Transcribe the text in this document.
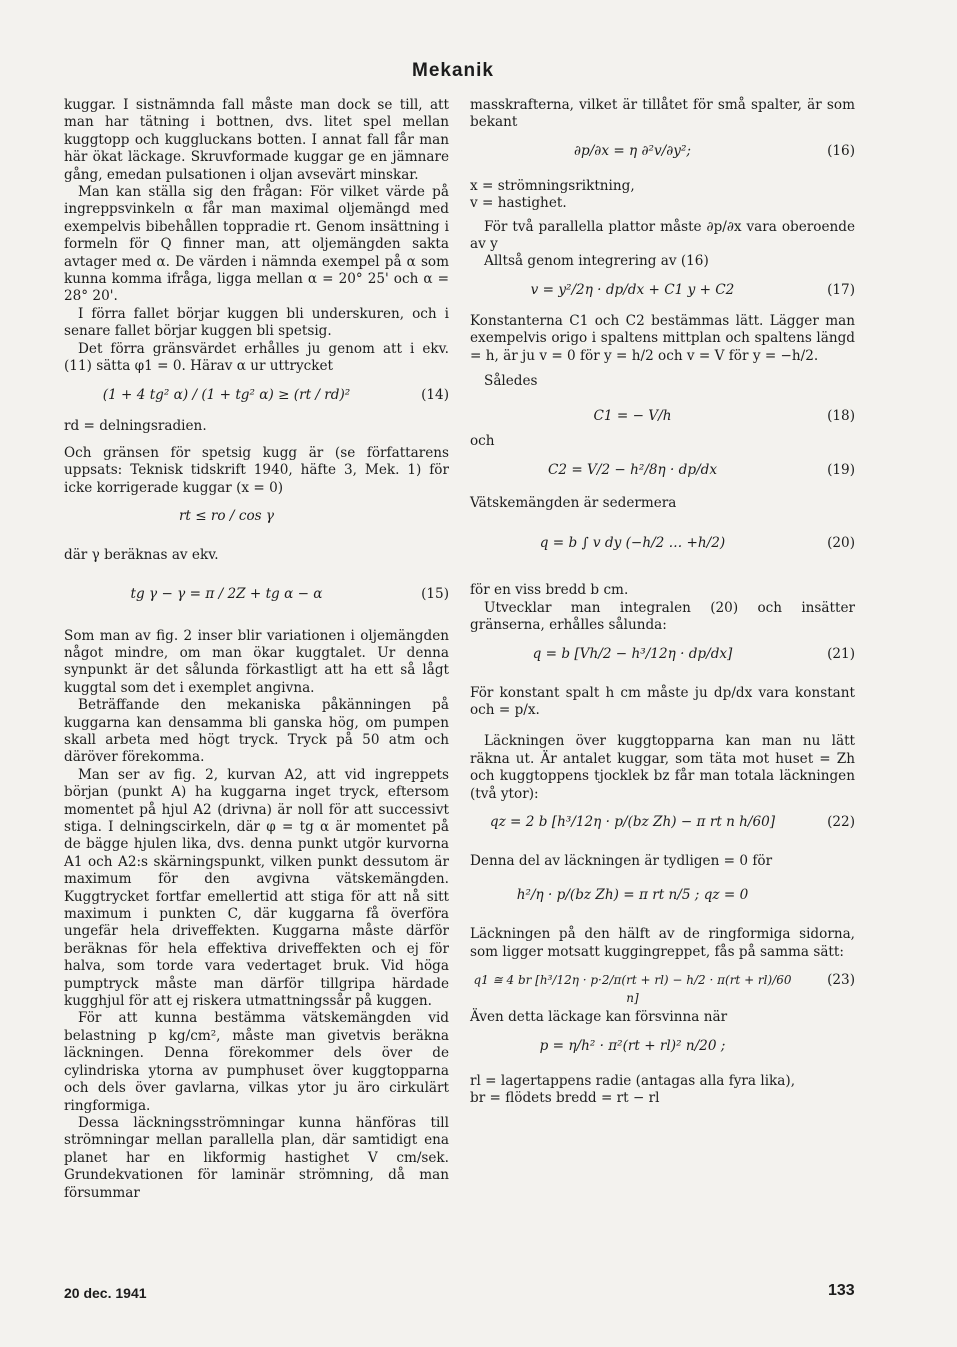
Mekanik

kuggar. I sistnämnda fall måste man dock se till, att man har tätning i bottnen, dvs. litet spel mellan kuggtopp och kuggluckans botten. I annat fall får man här ökat läckage. Skruvformade kuggar ge en jämnare gång, emedan pulsationen i oljan avsevärt minskar.

Man kan ställa sig den frågan: För vilket värde på ingreppsvinkeln α får man maximal oljemängd med exempelvis bibehållen toppradie rt. Genom insättning i formeln för Q finner man, att oljemängden sakta avtager med α. De värden i nämnda exempel på α som kunna komma ifråga, ligga mellan α = 20° 25' och α = 28° 20'.

I förra fallet börjar kuggen bli underskuren, och i senare fallet börjar kuggen bli spetsig.

Det förra gränsvärdet erhålles ju genom att i ekv. (11) sätta φ1 = 0. Härav α ur uttrycket

(1 + 4 tg² α) / (1 + tg² α) ≥ (rt / rd)²	(14)

rd = delningsradien.

Och gränsen för spetsig kugg är (se författarens uppsats: Teknisk tidskrift 1940, häfte 3, Mek. 1) för icke korrigerade kuggar (x = 0)

rt ≤ ro / cos γ

där γ beräknas av ekv.

tg γ − γ = π / 2Z + tg α − α	(15)

Som man av fig. 2 inser blir variationen i oljemängden något mindre, om man ökar kuggtalet. Ur denna synpunkt är det sålunda förkastligt att ha ett så lågt kuggtal som det i exemplet angivna.

Beträffande den mekaniska påkänningen på kuggarna kan densamma bli ganska hög, om pumpen skall arbeta med högt tryck. Tryck på 50 atm och däröver förekomma.

Man ser av fig. 2, kurvan A2, att vid ingreppets början (punkt A) ha kuggarna inget tryck, eftersom momentet på hjul A2 (drivna) är noll för att successivt stiga. I delningscirkeln, där φ = tg α är momentet på de bägge hjulen lika, dvs. denna punkt utgör kurvorna A1 och A2:s skärningspunkt, vilken punkt dessutom är maximum för den avgivna vätskemängden. Kuggtrycket fortfar emellertid att stiga för att nå sitt maximum i punkten C, där kuggarna få överföra ungefär hela driveffekten. Kuggarna måste därför beräknas för hela effektiva driveffekten och ej för halva, som torde vara vedertaget bruk. Vid höga pumptryck måste man därför tillgripa härdade kugghjul för att ej riskera utmattningssår på kuggen.

För att kunna bestämma vätskemängden vid belastning p kg/cm², måste man givetvis beräkna läckningen. Denna förekommer dels över de cylindriska ytorna av pumphuset över kuggtopparna och dels över gavlarna, vilkas ytor ju äro cirkulärt ringformiga.

Dessa läckningsströmningar kunna hänföras till strömningar mellan parallella plan, där samtidigt ena planet har en likformig hastighet V cm/sek. Grundekvationen för laminär strömning, då man försummar

masskrafterna, vilket är tillåtet för små spalter, är som bekant

∂p/∂x = η ∂²v/∂y²;	(16)

x = strömningsriktning,

v = hastighet.

För två parallella plattor måste ∂p/∂x vara oberoende av y

Alltså genom integrering av (16)

v = y²/2η · dp/dx + C1 y + C2	(17)

Konstanterna C1 och C2 bestämmas lätt. Lägger man exempelvis origo i spaltens mittplan och spaltens längd = h, är ju v = 0 för y = h/2 och v = V för y = −h/2.

Således

C1 = − V/h	(18)

och

C2 = V/2 − h²/8η · dp/dx	(19)

Vätskemängden är sedermera

q = b ∫ v dy (−h/2 … +h/2)	(20)

för en viss bredd b cm.

Utvecklar man integralen (20) och insätter gränserna, erhålles sålunda:

q = b [Vh/2 − h³/12η · dp/dx]	(21)

För konstant spalt h cm måste ju dp/dx vara konstant och = p/x.

Läckningen över kuggtopparna kan man nu lätt räkna ut. Är antalet kuggar, som täta mot huset = Zh och kuggtoppens tjocklek bz får man totala läckningen (två ytor):

qz = 2 b [h³/12η · p/(bz Zh) − π rt n h/60]	(22)

Denna del av läckningen är tydligen = 0 för

h²/η · p/(bz Zh) = π rt n/5 ; qz = 0

Läckningen på den hälft av de ringformiga sidorna, som ligger motsatt kuggingreppet, fås på samma sätt:

q1 ≅ 4 br [h³/12η · p·2/π(rt + rl) − h/2 · π(rt + rl)/60 n]
(23)

Även detta läckage kan försvinna när

p = η/h² · π²(rt + rl)² n/20 ;

rl = lagertappens radie (antagas alla fyra lika),

br = flödets bredd = rt − rl

20 dec. 1941	133
